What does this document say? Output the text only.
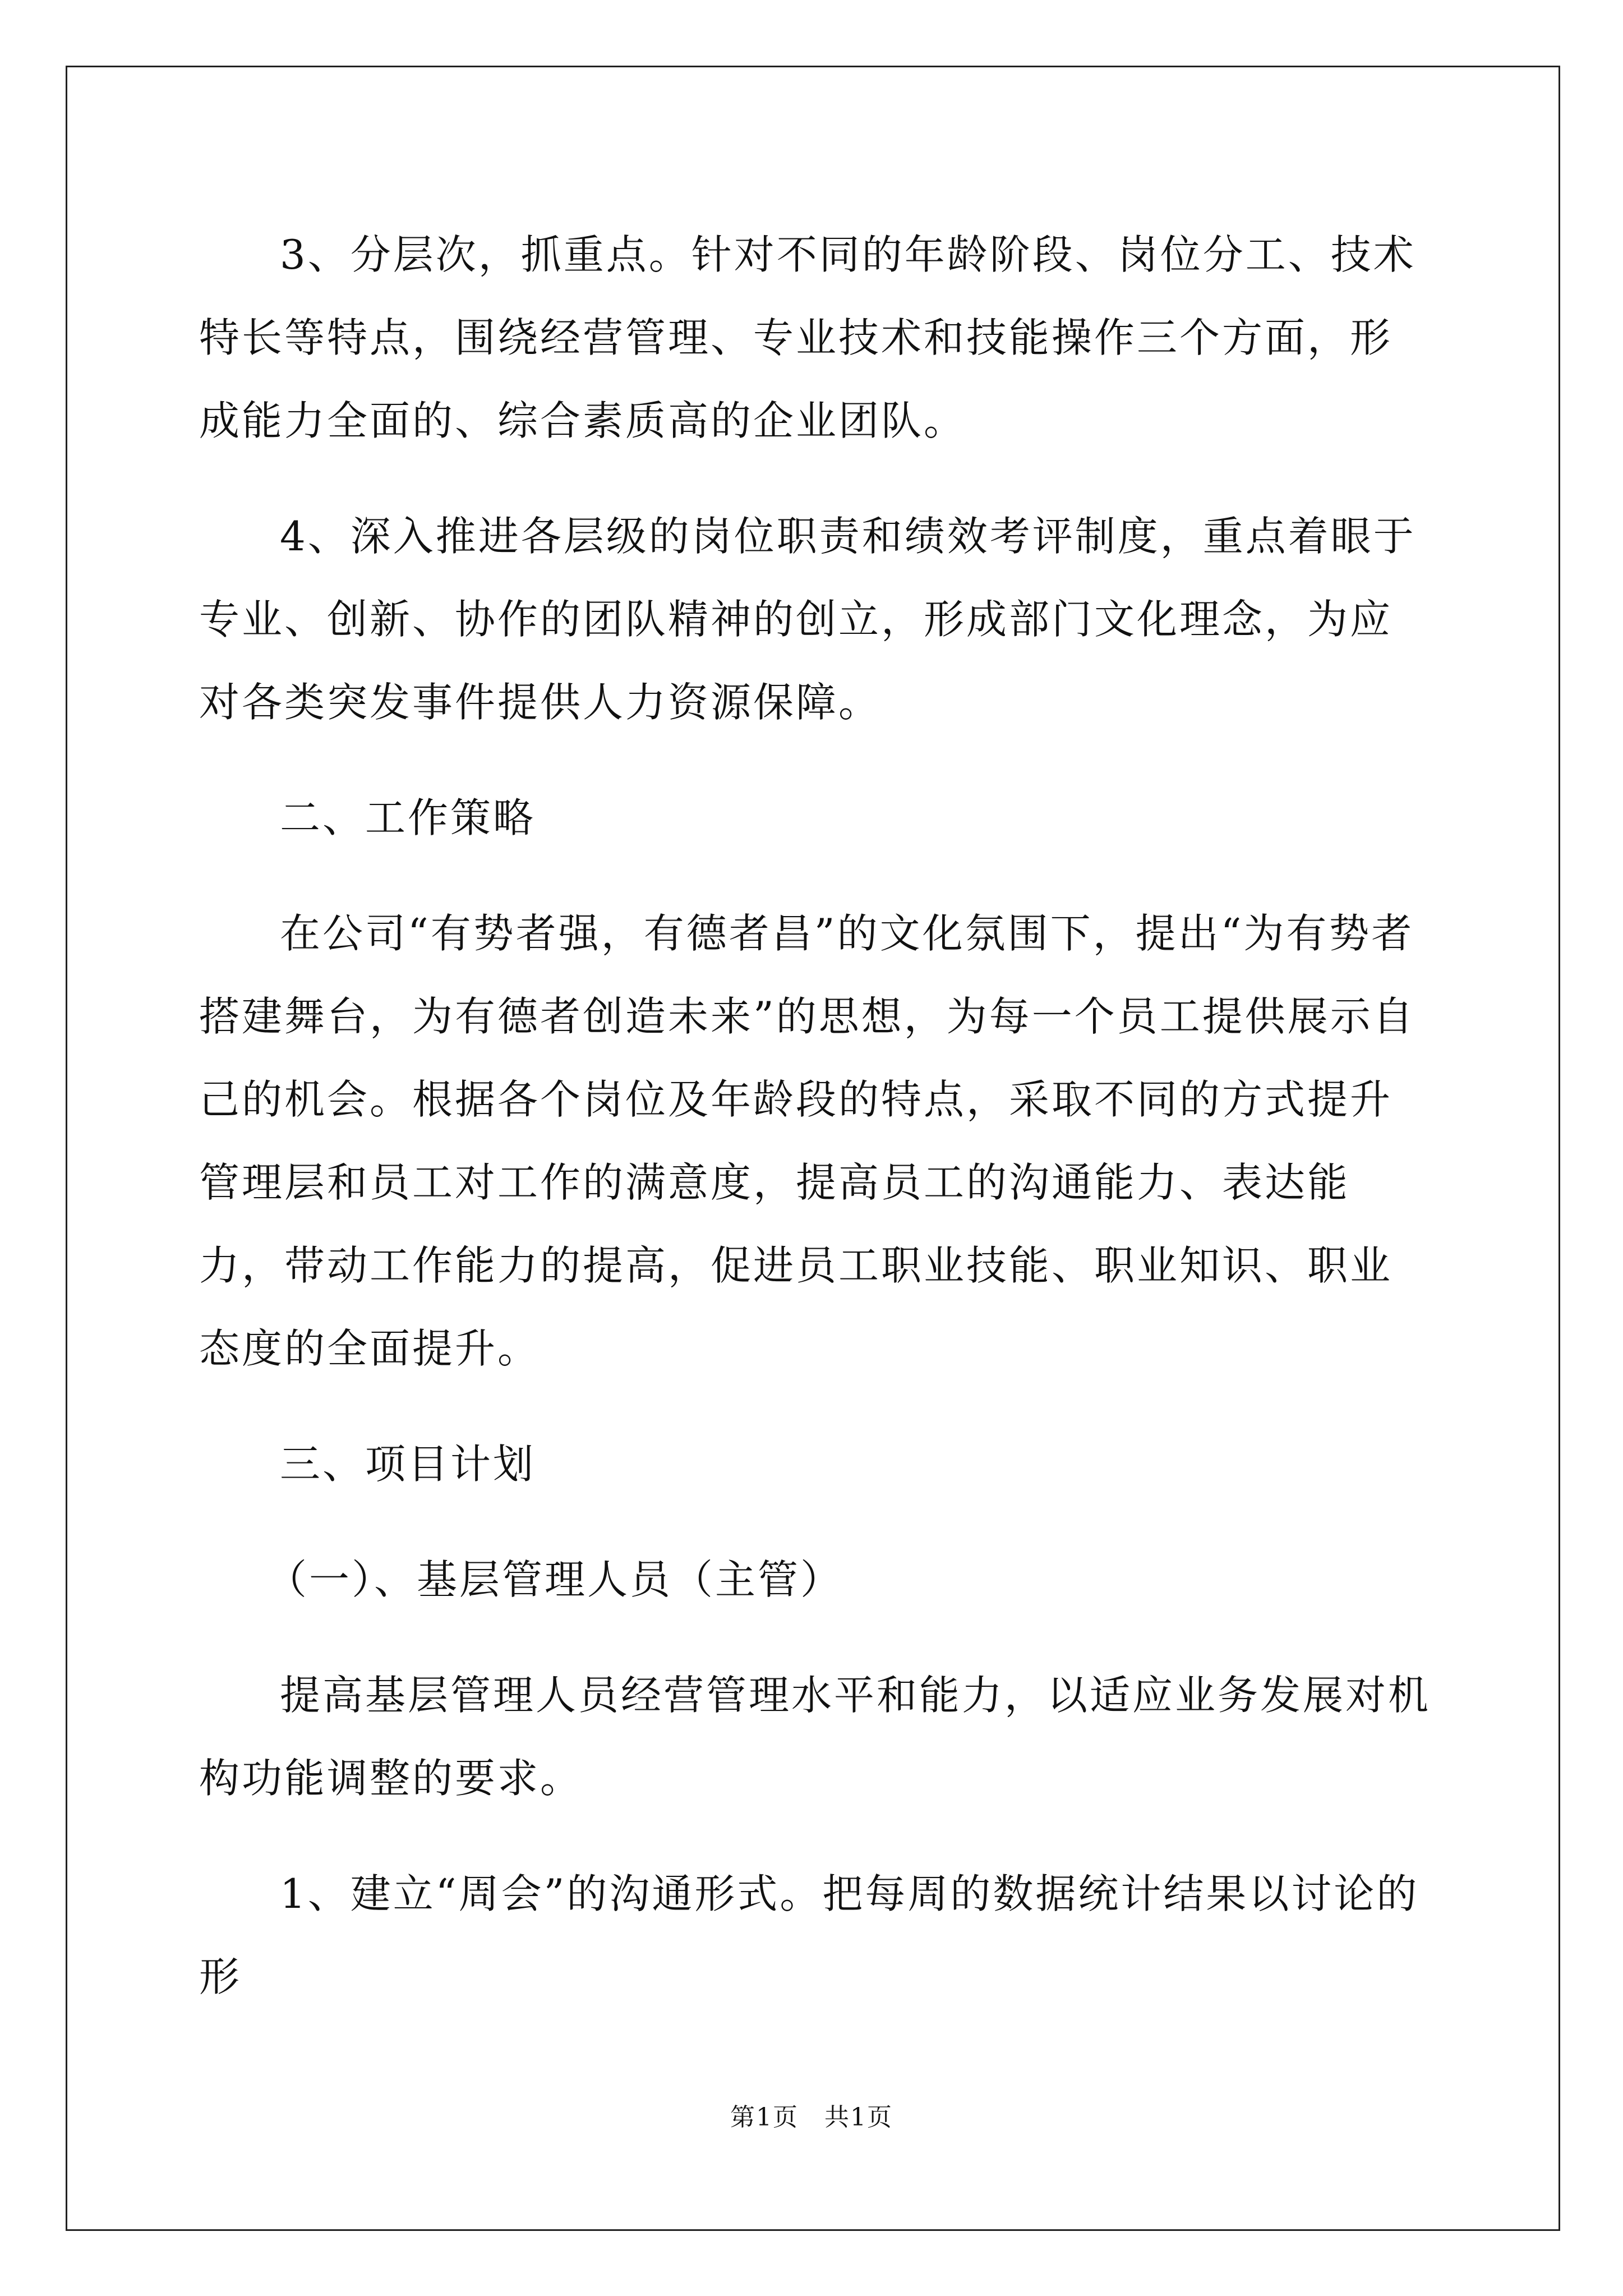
3、分层次，抓重点。针对不同的年龄阶段、岗位分工、技术特长等特点，围绕经营管理、专业技术和技能操作三个方面，形成能力全面的、综合素质高的企业团队。

4、深入推进各层级的岗位职责和绩效考评制度，重点着眼于专业、创新、协作的团队精神的创立，形成部门文化理念，为应对各类突发事件提供人力资源保障。

二、工作策略

在公司“有势者强，有德者昌”的文化氛围下，提出“为有势者搭建舞台，为有德者创造未来”的思想，为每一个员工提供展示自己的机会。根据各个岗位及年龄段的特点，采取不同的方式提升管理层和员工对工作的满意度，提高员工的沟通能力、表达能力，带动工作能力的提高，促进员工职业技能、职业知识、职业态度的全面提升。

三、项目计划

（一）、基层管理人员（主管）

提高基层管理人员经营管理水平和能力，以适应业务发展对机构功能调整的要求。

1、建立“周会”的沟通形式。把每周的数据统计结果以讨论的形

第1页　共1页
